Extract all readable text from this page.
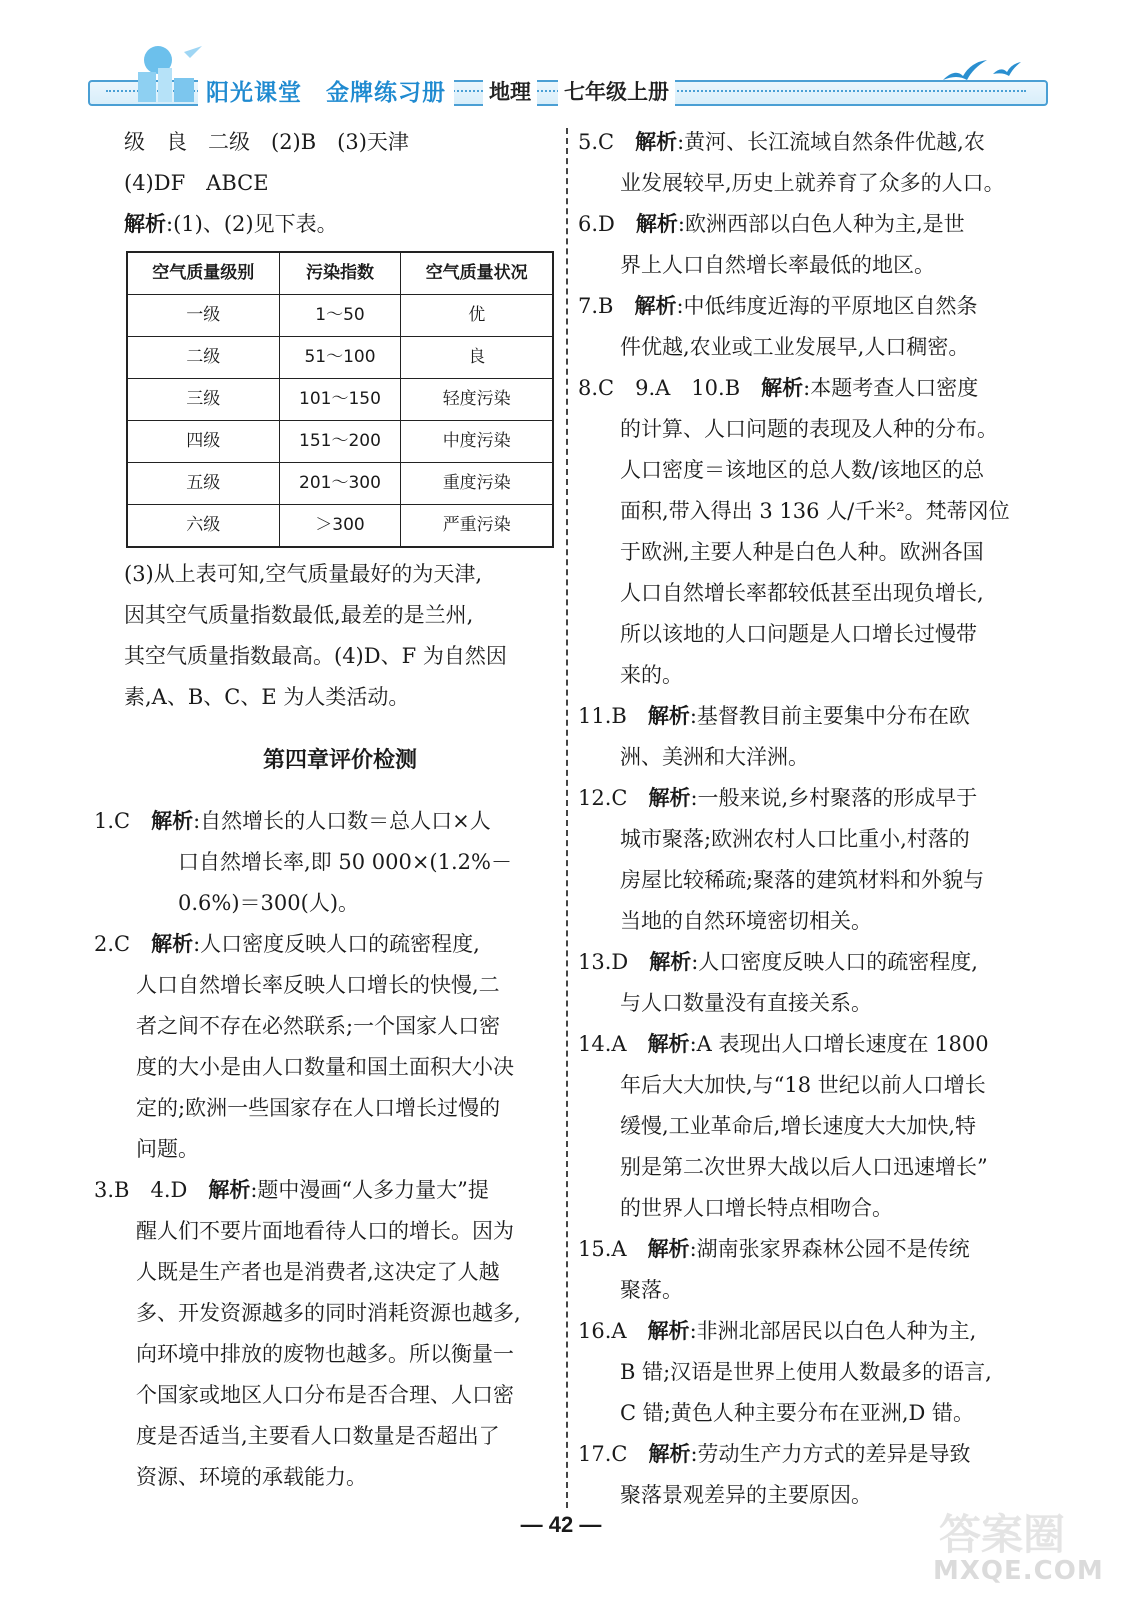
阳光课堂　金牌练习册	地理 七年级上册
级　良　二级　(2)B　(3)天津
(4)DF　ABCE
解析:(1)、(2)见下表。
空气质量级别	污染指数	空气质量状况
一级	1～50	优
二级	51～100	良
三级	101～150	轻度污染
四级	151～200	中度污染
五级	201～300	重度污染
六级	＞300	严重污染
(3)从上表可知,空气质量最好的为天津,
因其空气质量指数最低,最差的是兰州,
其空气质量指数最高。(4)D、F 为自然因
素,A、B、C、E 为人类活动。
第四章评价检测
1.C　 解析:自然增长的人口数＝总人口×人
口自然增长率,即 50 000×(1.2%－
0.6%)＝300(人)。
2.C　 解析:人口密度反映人口的疏密程度,
人口自然增长率反映人口增长的快慢,二
者之间不存在必然联系;一个国家人口密
度的大小是由人口数量和国土面积大小决
定的;欧洲一些国家存在人口增长过慢的
问题。
3.B　4.D　 解析:题中漫画“人多力量大”提
醒人们不要片面地看待人口的增长。因为
人既是生产者也是消费者,这决定了人越
多、开发资源越多的同时消耗资源也越多,
向环境中排放的废物也越多。所以衡量一
个国家或地区人口分布是否合理、人口密
度是否适当,主要看人口数量是否超出了
资源、环境的承载能力。
5.C　 解析:黄河、长江流域自然条件优越,农
业发展较早,历史上就养育了众多的人口。
6.D　 解析:欧洲西部以白色人种为主,是世
界上人口自然增长率最低的地区。
7.B　 解析:中低纬度近海的平原地区自然条
件优越,农业或工业发展早,人口稠密。
8.C　9.A　10.B　 解析:本题考查人口密度
的计算、人口问题的表现及人种的分布。
人口密度＝该地区的总人数/该地区的总
面积,带入得出 3 136 人/千米²。梵蒂冈位
于欧洲,主要人种是白色人种。欧洲各国
人口自然增长率都较低甚至出现负增长,
所以该地的人口问题是人口增长过慢带
来的。
11.B　 解析:基督教目前主要集中分布在欧
洲、美洲和大洋洲。
12.C　 解析:一般来说,乡村聚落的形成早于
城市聚落;欧洲农村人口比重小,村落的
房屋比较稀疏;聚落的建筑材料和外貌与
当地的自然环境密切相关。
13.D　 解析:人口密度反映人口的疏密程度,
与人口数量没有直接关系。
14.A　 解析:A 表现出人口增长速度在 1800
年后大大加快,与“18 世纪以前人口增长
缓慢,工业革命后,增长速度大大加快,特
别是第二次世界大战以后人口迅速增长”
的世界人口增长特点相吻合。
15.A　 解析:湖南张家界森林公园不是传统
聚落。
16.A　 解析:非洲北部居民以白色人种为主,
B 错;汉语是世界上使用人数最多的语言,
C 错;黄色人种主要分布在亚洲,D 错。
17.C　 解析:劳动生产力方式的差异是导致
聚落景观差异的主要原因。
— 42 —	答案圈
MXQE.COM
